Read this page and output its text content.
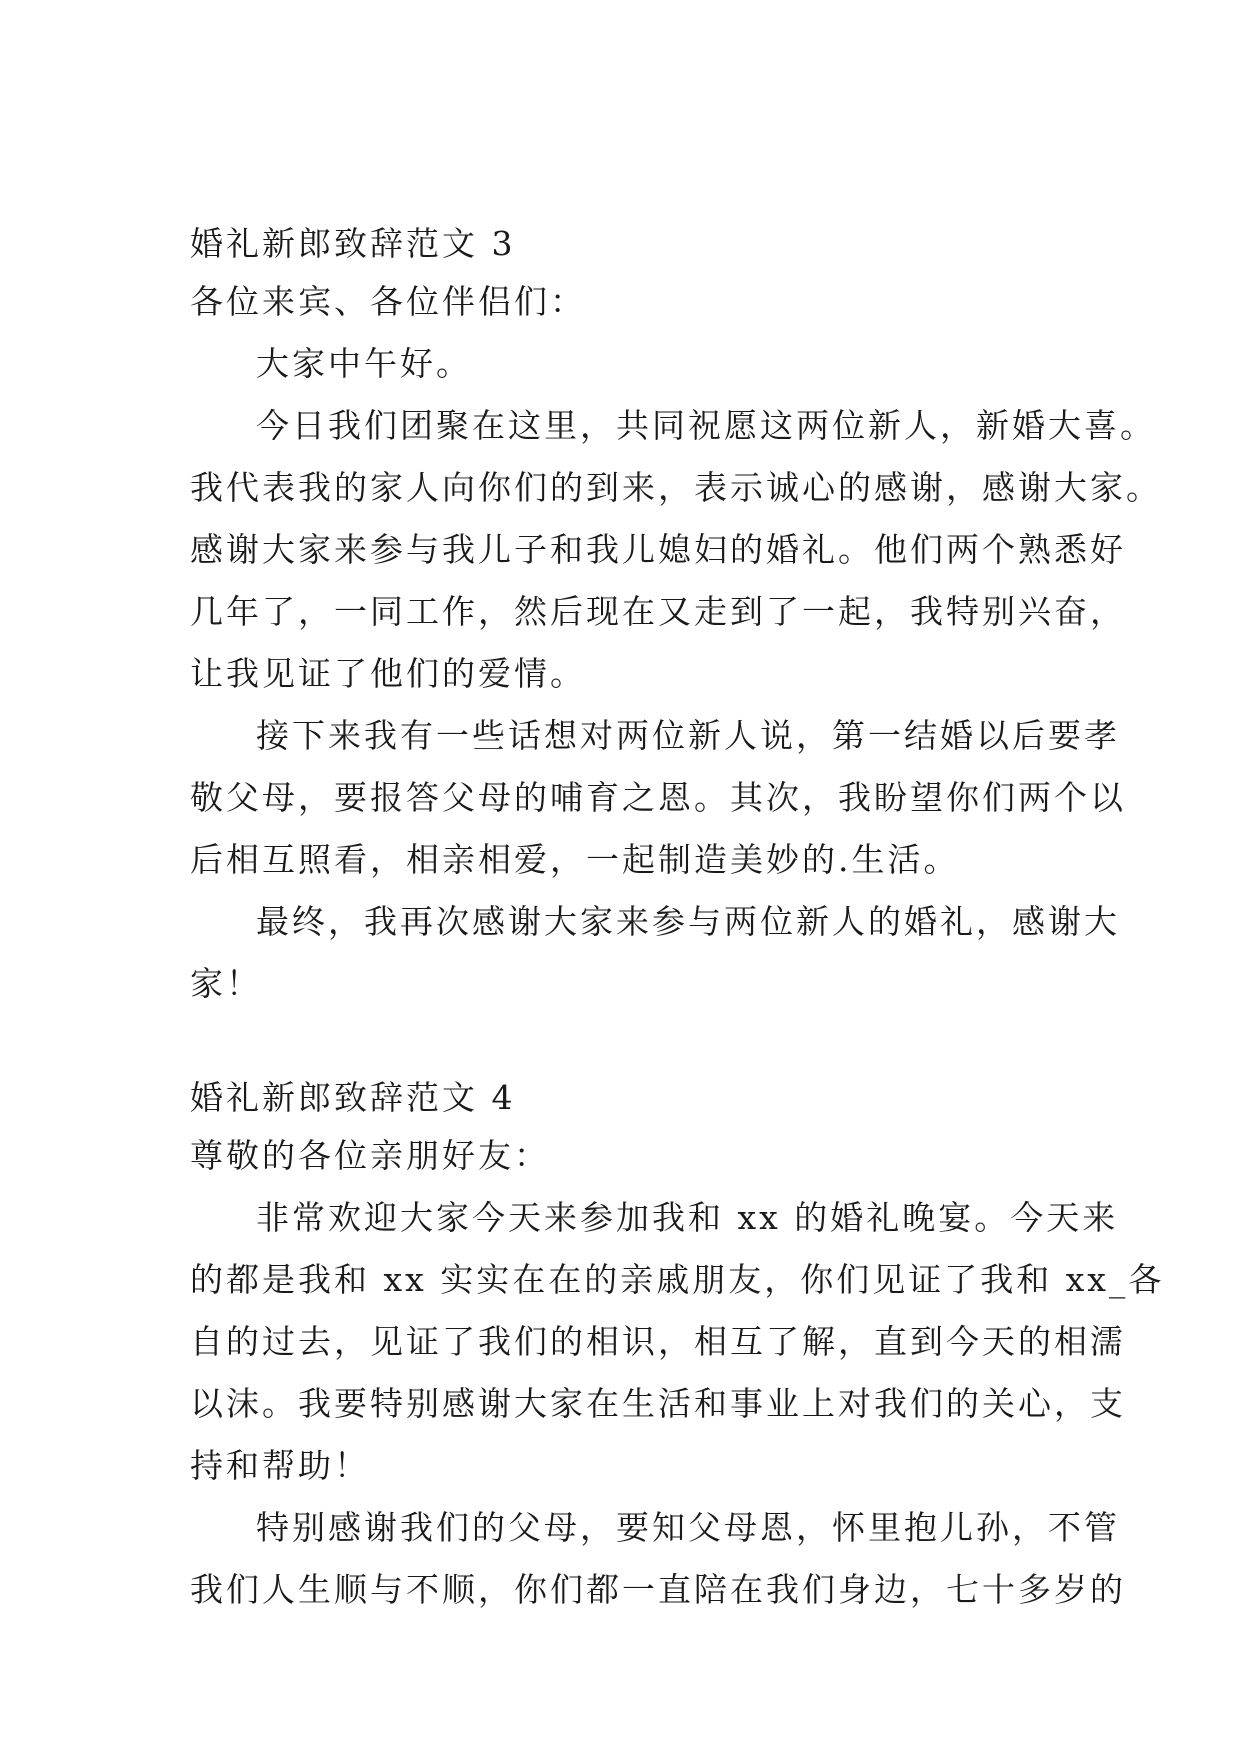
婚礼新郎致辞范文 3
各位来宾、各位伴侣们：
大家中午好。
今日我们团聚在这里，共同祝愿这两位新人，新婚大喜。
我代表我的家人向你们的到来，表示诚心的感谢，感谢大家。
感谢大家来参与我儿子和我儿媳妇的婚礼。他们两个熟悉好
几年了，一同工作，然后现在又走到了一起，我特别兴奋，
让我见证了他们的爱情。
接下来我有一些话想对两位新人说，第一结婚以后要孝
敬父母，要报答父母的哺育之恩。其次，我盼望你们两个以
后相互照看，相亲相爱，一起制造美妙的.生活。
最终，我再次感谢大家来参与两位新人的婚礼，感谢大
家！
婚礼新郎致辞范文 4
尊敬的各位亲朋好友：
非常欢迎大家今天来参加我和 xx 的婚礼晚宴。今天来
的都是我和 xx 实实在在的亲戚朋友，你们见证了我和 xx_各
自的过去，见证了我们的相识，相互了解，直到今天的相濡
以沫。我要特别感谢大家在生活和事业上对我们的关心，支
持和帮助！
特别感谢我们的父母，要知父母恩，怀里抱儿孙，不管
我们人生顺与不顺，你们都一直陪在我们身边，七十多岁的
